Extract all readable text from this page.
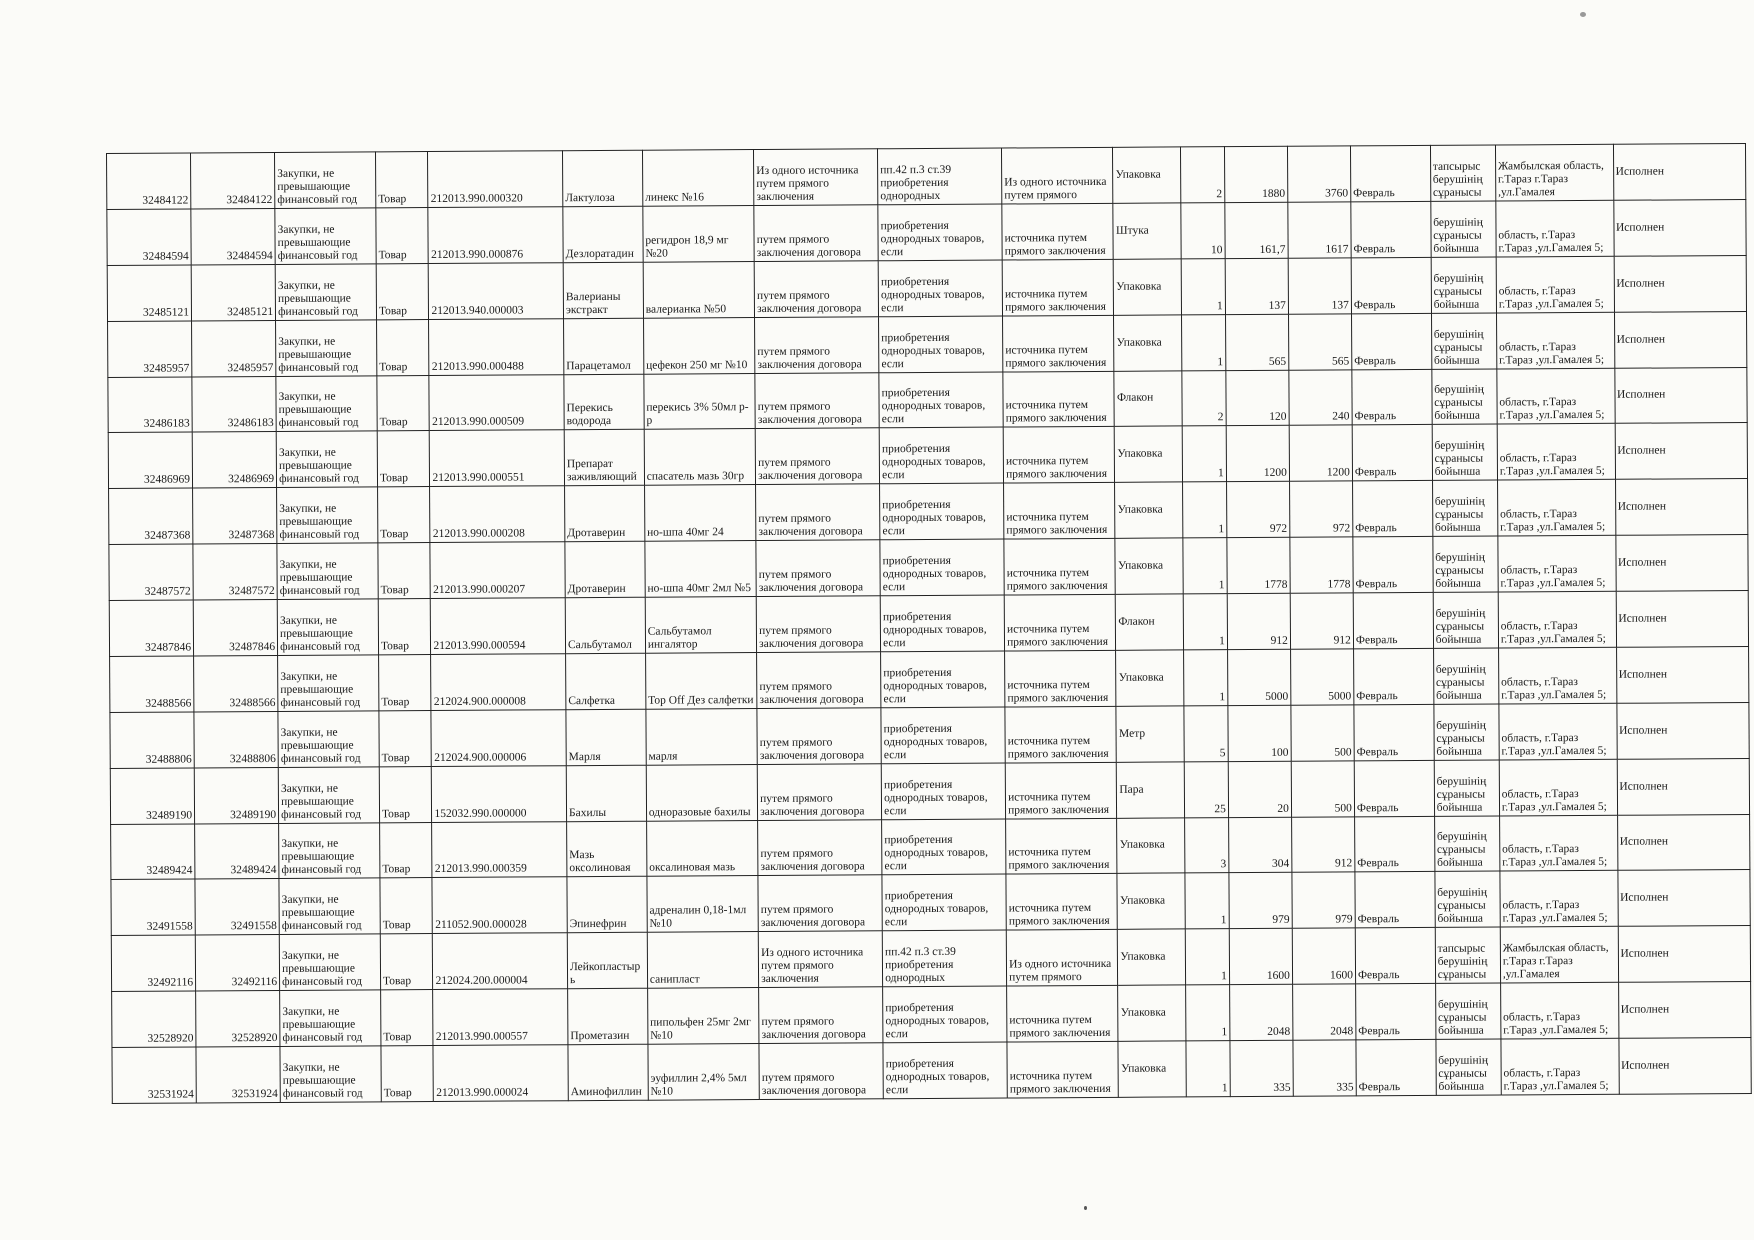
32484122	32484122	Закупки, не превышающие финансовый год	Товар	212013.990.000320	Лактулоза	линекс №16	Из одного источника путем прямого заключения	пп.42 п.3 ст.39 приобретения однородных	Из одного источника путем прямого	Упаковка	2	1880	3760	Февраль	тапсырыс берушінің сұранысы	Жамбылская область, г.Тараз г.Тараз ,ул.Гамалея	Исполнен
32484594	32484594	Закупки, не превышающие финансовый год	Товар	212013.990.000876	Дезлоратадин	регидрон 18,9 мг №20	путем прямого заключения договора	приобретения однородных товаров, если	источника путем прямого заключения	Штука	10	161,7	1617	Февраль	берушінің сұранысы бойынша	область, г.Тараз г.Тараз ,ул.Гамалея 5;	Исполнен
32485121	32485121	Закупки, не превышающие финансовый год	Товар	212013.940.000003	Валерианы экстракт	валерианка №50	путем прямого заключения договора	приобретения однородных товаров, если	источника путем прямого заключения	Упаковка	1	137	137	Февраль	берушінің сұранысы бойынша	область, г.Тараз г.Тараз ,ул.Гамалея 5;	Исполнен
32485957	32485957	Закупки, не превышающие финансовый год	Товар	212013.990.000488	Парацетамол	цефекон 250 мг №10	путем прямого заключения договора	приобретения однородных товаров, если	источника путем прямого заключения	Упаковка	1	565	565	Февраль	берушінің сұранысы бойынша	область, г.Тараз г.Тараз ,ул.Гамалея 5;	Исполнен
32486183	32486183	Закупки, не превышающие финансовый год	Товар	212013.990.000509	Перекись водорода	перекись 3% 50мл р-р	путем прямого заключения договора	приобретения однородных товаров, если	источника путем прямого заключения	Флакон	2	120	240	Февраль	берушінің сұранысы бойынша	область, г.Тараз г.Тараз ,ул.Гамалея 5;	Исполнен
32486969	32486969	Закупки, не превышающие финансовый год	Товар	212013.990.000551	Препарат заживляющий	спасатель мазь 30гр	путем прямого заключения договора	приобретения однородных товаров, если	источника путем прямого заключения	Упаковка	1	1200	1200	Февраль	берушінің сұранысы бойынша	область, г.Тараз г.Тараз ,ул.Гамалея 5;	Исполнен
32487368	32487368	Закупки, не превышающие финансовый год	Товар	212013.990.000208	Дротаверин	но-шпа 40мг 24	путем прямого заключения договора	приобретения однородных товаров, если	источника путем прямого заключения	Упаковка	1	972	972	Февраль	берушінің сұранысы бойынша	область, г.Тараз г.Тараз ,ул.Гамалея 5;	Исполнен
32487572	32487572	Закупки, не превышающие финансовый год	Товар	212013.990.000207	Дротаверин	но-шпа 40мг 2мл №5	путем прямого заключения договора	приобретения однородных товаров, если	источника путем прямого заключения	Упаковка	1	1778	1778	Февраль	берушінің сұранысы бойынша	область, г.Тараз г.Тараз ,ул.Гамалея 5;	Исполнен
32487846	32487846	Закупки, не превышающие финансовый год	Товар	212013.990.000594	Сальбутамол	Сальбутамол ингалятор	путем прямого заключения договора	приобретения однородных товаров, если	источника путем прямого заключения	Флакон	1	912	912	Февраль	берушінің сұранысы бойынша	область, г.Тараз г.Тараз ,ул.Гамалея 5;	Исполнен
32488566	32488566	Закупки, не превышающие финансовый год	Товар	212024.900.000008	Салфетка	Top Off Дез салфетки	путем прямого заключения договора	приобретения однородных товаров, если	источника путем прямого заключения	Упаковка	1	5000	5000	Февраль	берушінің сұранысы бойынша	область, г.Тараз г.Тараз ,ул.Гамалея 5;	Исполнен
32488806	32488806	Закупки, не превышающие финансовый год	Товар	212024.900.000006	Марля	марля	путем прямого заключения договора	приобретения однородных товаров, если	источника путем прямого заключения	Метр	5	100	500	Февраль	берушінің сұранысы бойынша	область, г.Тараз г.Тараз ,ул.Гамалея 5;	Исполнен
32489190	32489190	Закупки, не превышающие финансовый год	Товар	152032.990.000000	Бахилы	одноразовые бахилы	путем прямого заключения договора	приобретения однородных товаров, если	источника путем прямого заключения	Пара	25	20	500	Февраль	берушінің сұранысы бойынша	область, г.Тараз г.Тараз ,ул.Гамалея 5;	Исполнен
32489424	32489424	Закупки, не превышающие финансовый год	Товар	212013.990.000359	Мазь оксолиновая	оксалиновая мазь	путем прямого заключения договора	приобретения однородных товаров, если	источника путем прямого заключения	Упаковка	3	304	912	Февраль	берушінің сұранысы бойынша	область, г.Тараз г.Тараз ,ул.Гамалея 5;	Исполнен
32491558	32491558	Закупки, не превышающие финансовый год	Товар	211052.900.000028	Эпинефрин	адреналин 0,18-1мл №10	путем прямого заключения договора	приобретения однородных товаров, если	источника путем прямого заключения	Упаковка	1	979	979	Февраль	берушінің сұранысы бойынша	область, г.Тараз г.Тараз ,ул.Гамалея 5;	Исполнен
32492116	32492116	Закупки, не превышающие финансовый год	Товар	212024.200.000004	Лейкопластырь	санипласт	Из одного источника путем прямого заключения	пп.42 п.3 ст.39 приобретения однородных	Из одного источника путем прямого	Упаковка	1	1600	1600	Февраль	тапсырыс берушінің сұранысы	Жамбылская область, г.Тараз г.Тараз ,ул.Гамалея	Исполнен
32528920	32528920	Закупки, не превышающие финансовый год	Товар	212013.990.000557	Прометазин	пипольфен 25мг 2мг №10	путем прямого заключения договора	приобретения однородных товаров, если	источника путем прямого заключения	Упаковка	1	2048	2048	Февраль	берушінің сұранысы бойынша	область, г.Тараз г.Тараз ,ул.Гамалея 5;	Исполнен
32531924	32531924	Закупки, не превышающие финансовый год	Товар	212013.990.000024	Аминофиллин	эуфиллин 2,4% 5мл №10	путем прямого заключения договора	приобретения однородных товаров, если	источника путем прямого заключения	Упаковка	1	335	335	Февраль	берушінің сұранысы бойынша	область, г.Тараз г.Тараз ,ул.Гамалея 5;	Исполнен
